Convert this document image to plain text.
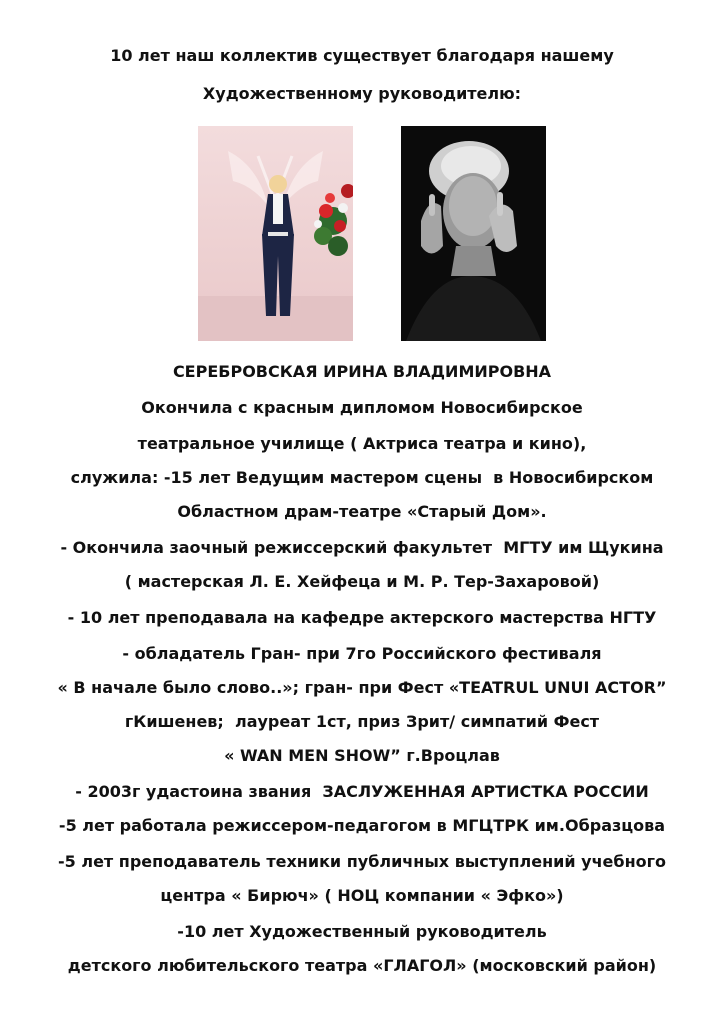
10 лет наш коллектив существует благодаря нашему
Художественному руководителю:
СЕРЕБРОВСКАЯ ИРИНА ВЛАДИМИРОВНА
Окончила с красным дипломом Новосибирское
театральное училище ( Актриса театра и кино),
служила: -15 лет Ведущим мастером сцены  в Новосибирском
Областном драм-театре «Старый Дом».
- Окончила заочный режиссерский факультет  МГТУ им Щукина
( мастерская Л. Е. Хейфеца и М. Р. Тер-Захаровой)
- 10 лет преподавала на кафедре актерского мастерства НГТУ
- обладатель Гран- при 7го Российского фестиваля
« В начале было слово..»; гран- при Фест «TEATRUL UNUI ACTOR”
гКишенев;  лауреат 1ст, приз Зрит/ симпатий Фест
« WAN MEN SHOW” г.Вроцлав
- 2003г удастоина звания  ЗАСЛУЖЕННАЯ АРТИСТКА РОССИИ
-5 лет работала режиссером-педагогом в МГЦТРК им.Образцова
-5 лет преподаватель техники публичных выступлений учебного
центра « Бирюч» ( НОЦ компании « Эфко»)
-10 лет Художественный руководитель
детского любительского театра «ГЛАГОЛ» (московский район)
